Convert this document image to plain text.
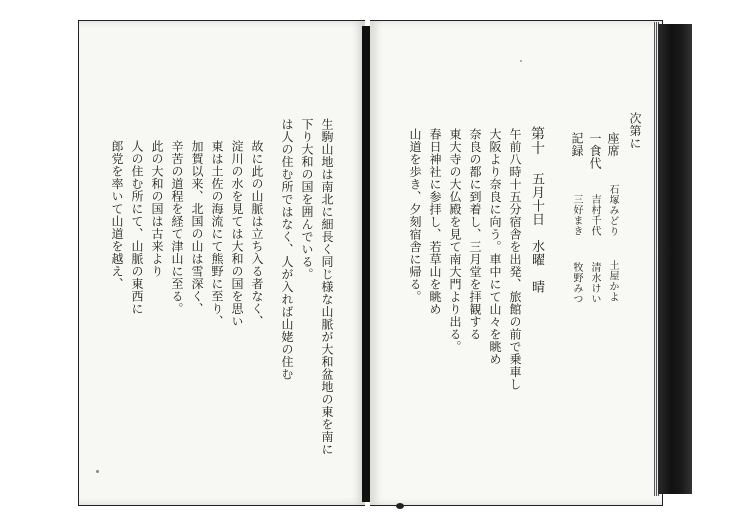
生駒山地は南北に細長く同じ様な山脈が大和盆地の東を南に
下り大和の国を囲んでいる。
は人の住む所ではなく、人が入れば山姥の住む
故に此の山脈は立ち入る者なく、
淀川の水を見ては大和の国を思い
東は土佐の海流にて熊野に至り、
加賀以来、北国の山は雪深く、
辛苦の道程を経て津山に至る。
此の大和の国は古来より
人の住む所にて、山脈の東西に
郎党を率いて山道を越え、
次第に
座席
一食代
記録
石塚みどり
吉村千代
三好まき
土屋かよ
清水けい
牧野みつ
第十
五月十日　水曜　晴
午前八時十五分宿舎を出発、旅館の前で乗車し
大阪より奈良に向う。車中にて山々を眺め
奈良の都に到着し、三月堂を拝観する
東大寺の大仏殿を見て南大門より出る。
春日神社に参拝し、若草山を眺め
山道を歩き、夕刻宿舎に帰る。
